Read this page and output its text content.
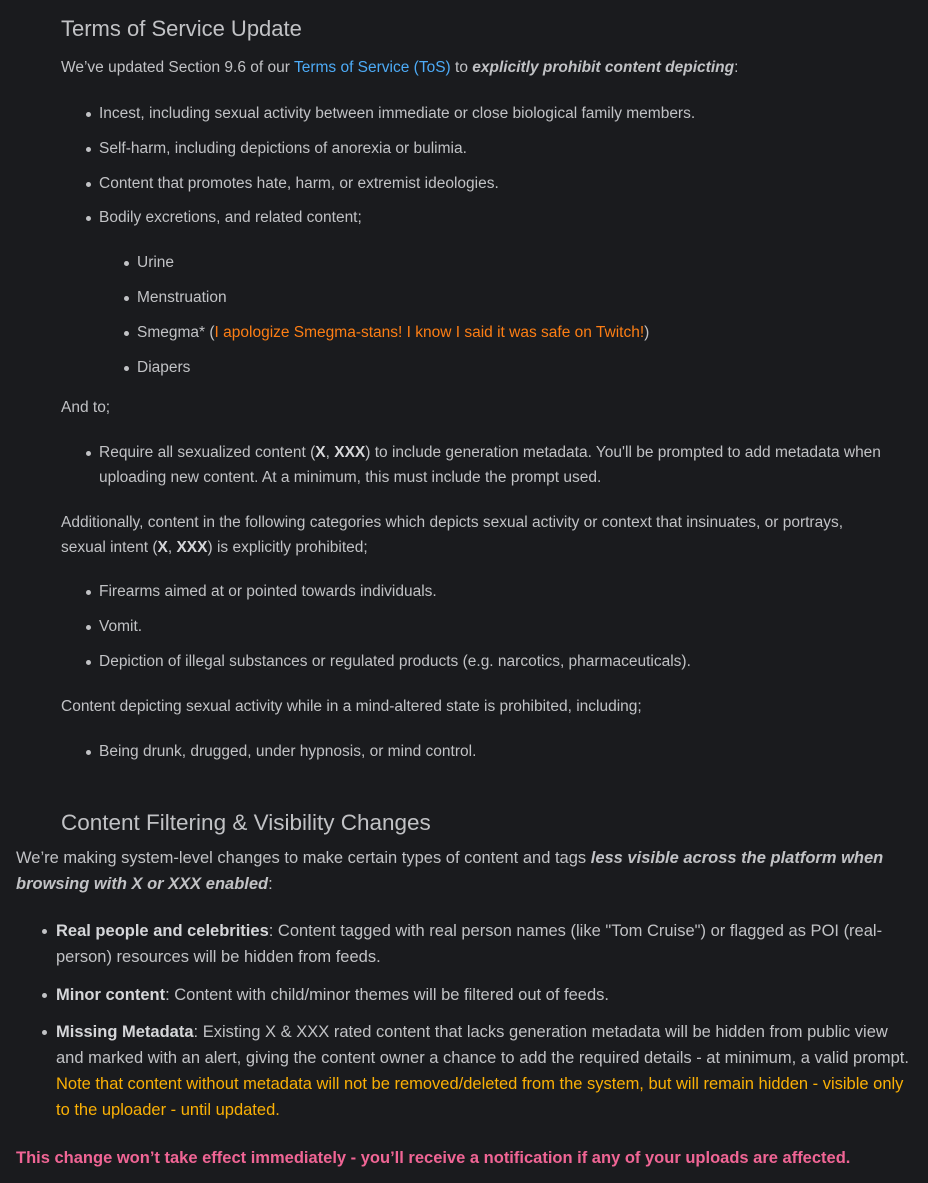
Terms of Service Update

We’ve updated Section 9.6 of our Terms of Service (ToS) to explicitly prohibit content depicting:

Incest, including sexual activity between immediate or close biological family members.
Self-harm, including depictions of anorexia or bulimia.
Content that promotes hate, harm, or extremist ideologies.
Bodily excretions, and related content;
Urine
Menstruation
Smegma* (I apologize Smegma-stans! I know I said it was safe on Twitch!)
Diapers

And to;

Require all sexualized content (X, XXX) to include generation metadata. You'll be prompted to add metadata when
uploading new content. At a minimum, this must include the prompt used.

Additionally, content in the following categories which depicts sexual activity or context that insinuates, or portrays,
sexual intent (X, XXX) is explicitly prohibited;

Firearms aimed at or pointed towards individuals.
Vomit.
Depiction of illegal substances or regulated products (e.g. narcotics, pharmaceuticals).

Content depicting sexual activity while in a mind-altered state is prohibited, including;

Being drunk, drugged, under hypnosis, or mind control.
Content Filtering & Visibility Changes

We’re making system-level changes to make certain types of content and tags less visible across the platform when browsing with X or XXX enabled:

Real people and celebrities: Content tagged with real person names (like "Tom Cruise") or flagged as POI (real-person) resources will be hidden from feeds.
Minor content: Content with child/minor themes will be filtered out of feeds.
Missing Metadata: Existing X & XXX rated content that lacks generation metadata will be hidden from public view and marked with an alert, giving the content owner a chance to add the required details - at minimum, a valid prompt. Note that content without metadata will not be removed/deleted from the system, but will remain hidden - visible only to the uploader - until updated.

This change won’t take effect immediately - you’ll receive a notification if any of your uploads are affected.
